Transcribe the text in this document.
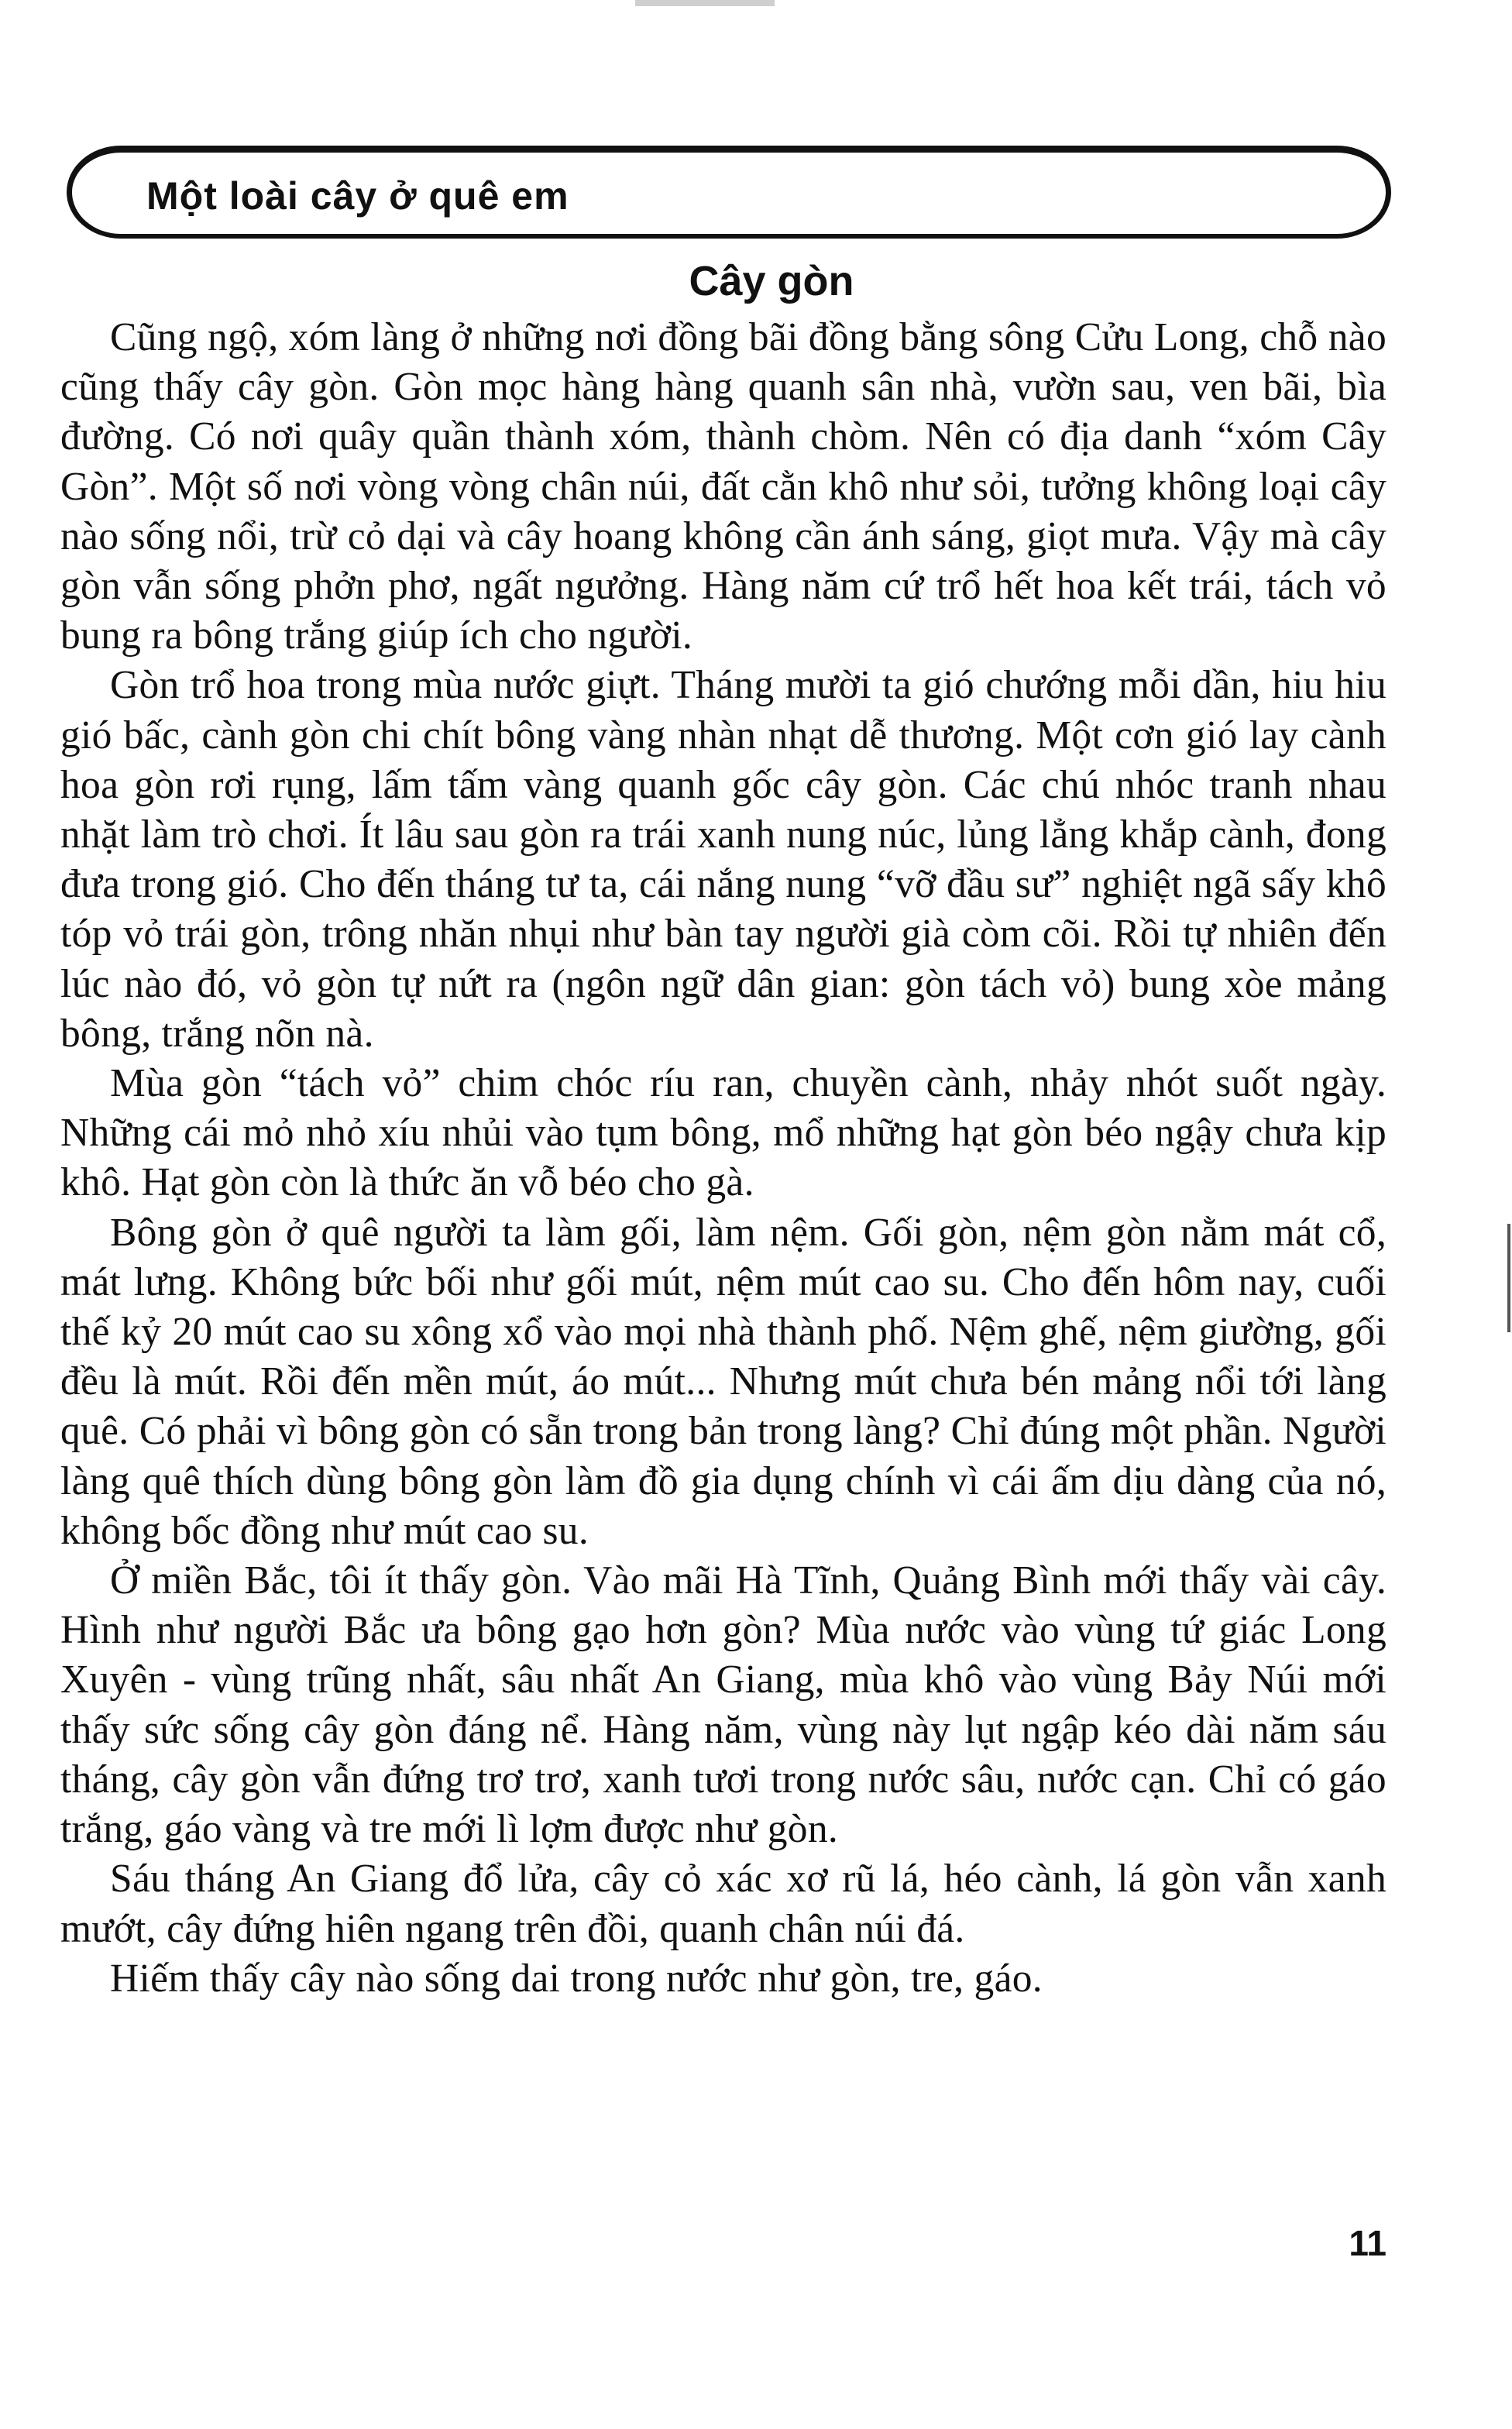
Một loài cây ở quê em
Cây gòn

Cũng ngộ, xóm làng ở những nơi đồng bãi đồng bằng sông Cửu Long, chỗ nào cũng thấy cây gòn. Gòn mọc hàng hàng quanh sân nhà, vườn sau, ven bãi, bìa đường. Có nơi quây quần thành xóm, thành chòm. Nên có địa danh “xóm Cây Gòn”. Một số nơi vòng vòng chân núi, đất cằn khô như sỏi, tưởng không loại cây nào sống nổi, trừ cỏ dại và cây hoang không cần ánh sáng, giọt mưa. Vậy mà cây gòn vẫn sống phởn phơ, ngất ngưởng. Hàng năm cứ trổ hết hoa kết trái, tách vỏ bung ra bông trắng giúp ích cho người.

Gòn trổ hoa trong mùa nước giựt. Tháng mười ta gió chướng mỗi dần, hiu hiu gió bấc, cành gòn chi chít bông vàng nhàn nhạt dễ thương. Một cơn gió lay cành hoa gòn rơi rụng, lấm tấm vàng quanh gốc cây gòn. Các chú nhóc tranh nhau nhặt làm trò chơi. Ít lâu sau gòn ra trái xanh nung núc, lủng lẳng khắp cành, đong đưa trong gió. Cho đến tháng tư ta, cái nắng nung “vỡ đầu sư” nghiệt ngã sấy khô tóp vỏ trái gòn, trông nhăn nhụi như bàn tay người già còm cõi. Rồi tự nhiên đến lúc nào đó, vỏ gòn tự nứt ra (ngôn ngữ dân gian: gòn tách vỏ) bung xòe mảng bông, trắng nõn nà.

Mùa gòn “tách vỏ” chim chóc ríu ran, chuyền cành, nhảy nhót suốt ngày. Những cái mỏ nhỏ xíu nhủi vào tụm bông, mổ những hạt gòn béo ngậy chưa kịp khô. Hạt gòn còn là thức ăn vỗ béo cho gà.

Bông gòn ở quê người ta làm gối, làm nệm. Gối gòn, nệm gòn nằm mát cổ, mát lưng. Không bức bối như gối mút, nệm mút cao su. Cho đến hôm nay, cuối thế kỷ 20 mút cao su xông xổ vào mọi nhà thành phố. Nệm ghế, nệm giường, gối đều là mút. Rồi đến mền mút, áo mút... Nhưng mút chưa bén mảng nổi tới làng quê. Có phải vì bông gòn có sẵn trong bản trong làng? Chỉ đúng một phần. Người làng quê thích dùng bông gòn làm đồ gia dụng chính vì cái ấm dịu dàng của nó, không bốc đồng như mút cao su.

Ở miền Bắc, tôi ít thấy gòn. Vào mãi Hà Tĩnh, Quảng Bình mới thấy vài cây. Hình như người Bắc ưa bông gạo hơn gòn? Mùa nước vào vùng tứ giác Long Xuyên - vùng trũng nhất, sâu nhất An Giang, mùa khô vào vùng Bảy Núi mới thấy sức sống cây gòn đáng nể. Hàng năm, vùng này lụt ngập kéo dài năm sáu tháng, cây gòn vẫn đứng trơ trơ, xanh tươi trong nước sâu, nước cạn. Chỉ có gáo trắng, gáo vàng và tre mới lì lợm được như gòn.

Sáu tháng An Giang đổ lửa, cây cỏ xác xơ rũ lá, héo cành, lá gòn vẫn xanh mướt, cây đứng hiên ngang trên đồi, quanh chân núi đá.

Hiếm thấy cây nào sống dai trong nước như gòn, tre, gáo.

11
